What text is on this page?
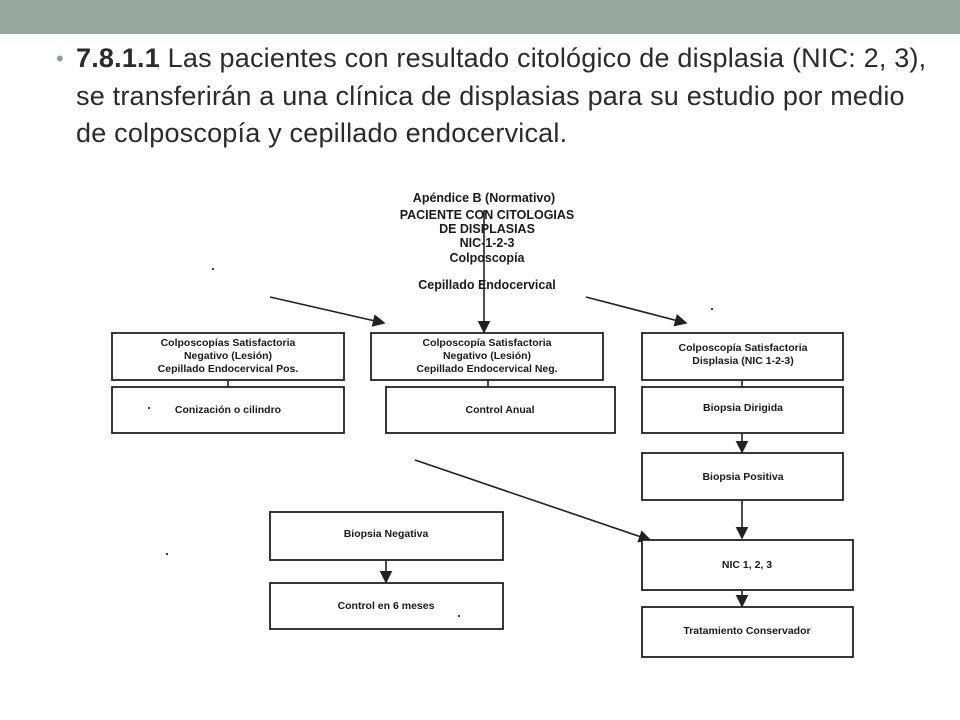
• 7.8.1.1 Las pacientes con resultado citológico de displasia (NIC: 2, 3), se transferirán a una clínica de displasias para su estudio por medio de colposcopía y cepillado endocervical.
Apéndice B (Normativo)
PACIENTE CON CITOLOGIAS
DE DISPLASIAS
NIC-1-2-3
Colposcopía
Cepillado Endocervical
Colposcopías Satisfactoria
Negativo (Lesión)
Cepillado Endocervical Pos.
Colposcopía Satisfactoria
Negativo (Lesión)
Cepillado Endocervical Neg.
Colposcopía Satisfactoria
Displasia (NIC 1-2-3)
Conización o cilindro	Control Anual	Biopsia Dirigida
Biopsia Positiva
Biopsia Negativa
NIC 1, 2, 3
Control en 6 meses
Tratamiento Conservador
